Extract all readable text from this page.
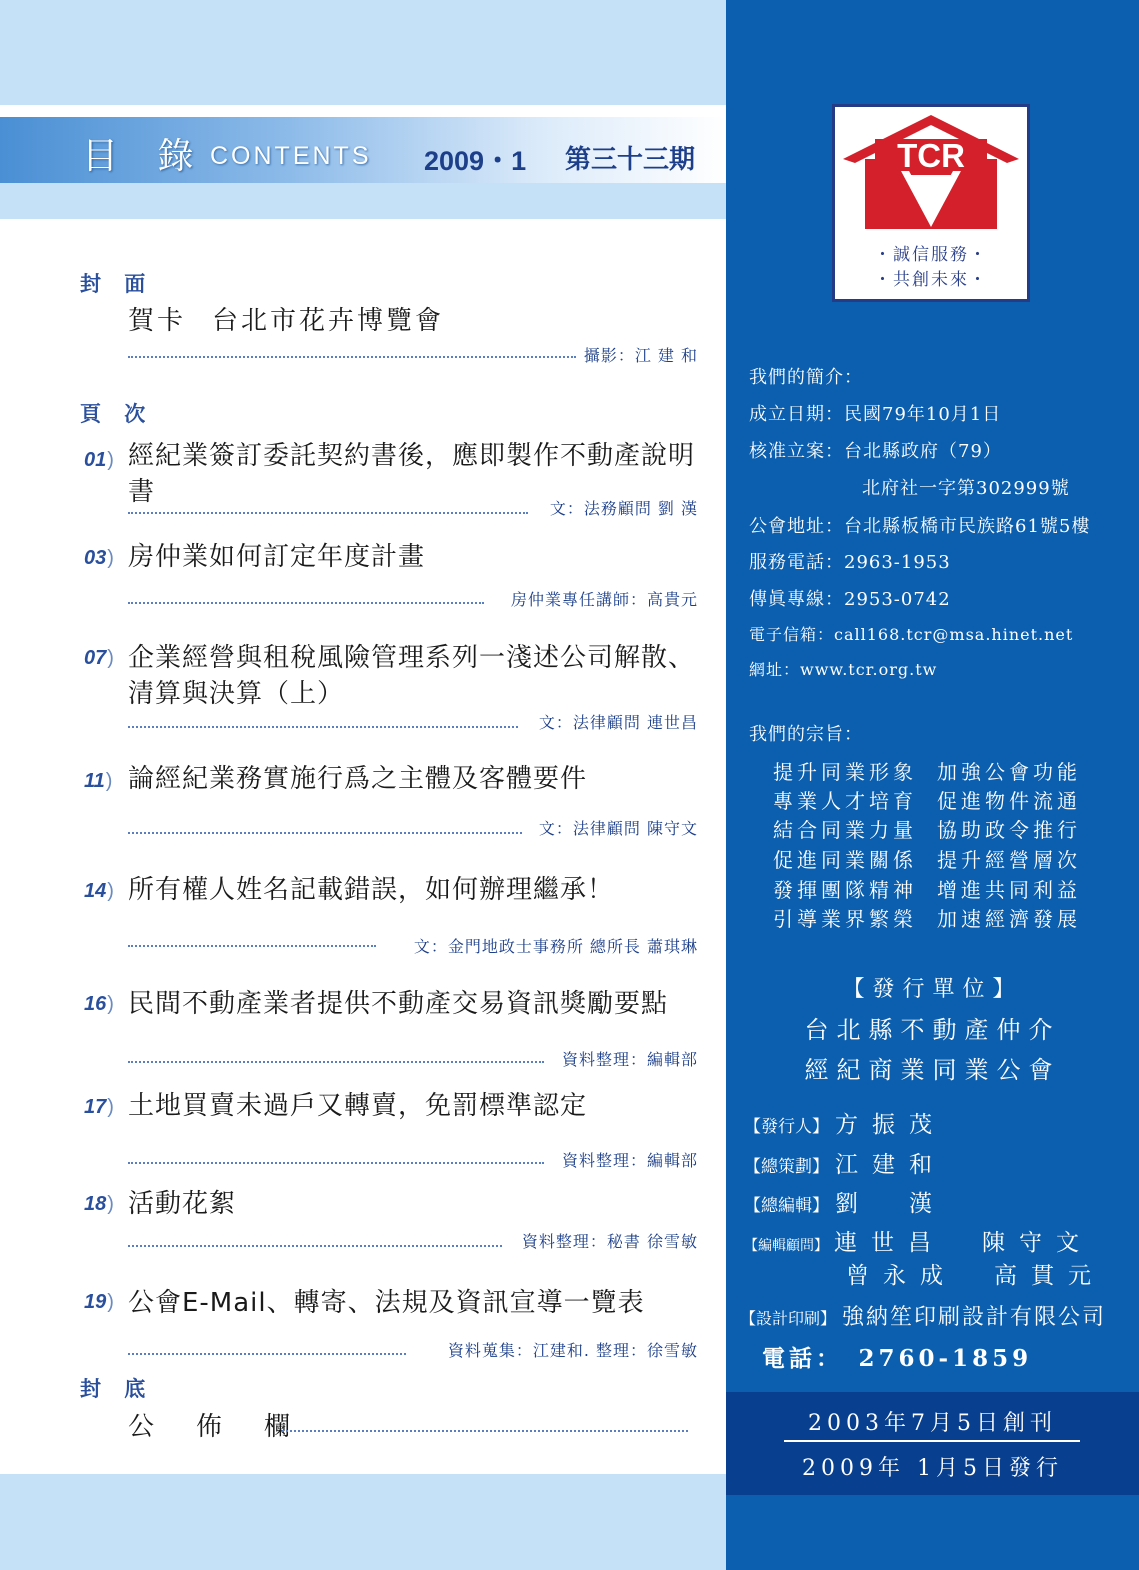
目 錄 CONTENTS 2009・1 第三十三期
封 面
賀卡 台北市花卉博覽會
攝影：江 建 和
頁 次
01 ) 經紀業簽訂委託契約書後，應即製作不動產說明書
文：法務顧問 劉 漢
03 ) 房仲業如何訂定年度計畫
房仲業專任講師：高貴元
07 ) 企業經營與租稅風險管理系列一淺述公司解散、清算與決算（上）
文：法律顧問 連世昌
11 ) 論經紀業務實施行爲之主體及客體要件
文：法律顧問 陳守文
14 ) 所有權人姓名記載錯誤，如何辦理繼承！
文：金門地政士事務所 總所長 蕭琪琳
16 ) 民間不動產業者提供不動產交易資訊獎勵要點
資料整理：編輯部
17 ) 土地買賣未過戶又轉賣，免罰標準認定
資料整理：編輯部
18 ) 活動花絮
資料整理：秘書 徐雪敏
19 ) 公會E-Mail、轉寄、法規及資訊宣導一覽表
資料蒐集：江建和. 整理：徐雪敏
封 底
公佈欄
TCR
・誠信服務・
・共創未來・
我們的簡介：
成立日期：民國79年10月1日
核准立案：台北縣政府（79）
北府社一字第302999號
公會地址：台北縣板橋市民族路61號5樓
服務電話：2963-1953
傳眞專線：2953-0742
電子信箱：call168.tcr@msa.hinet.net
網址：www.tcr.org.tw
我們的宗旨：
提升同業形象 加強公會功能
專業人才培育 促進物件流通
結合同業力量 協助政令推行
促進同業關係 提升經營層次
發揮團隊精神 增進共同利益
引導業界繁榮 加速經濟發展
【發行單位】
台北縣不動產仲介
經紀商業同業公會
【發行人】 方振茂
【總策劃】 江建和
【總編輯】 劉　漢
【編輯顧問】 連世昌　陳守文
曾永成　高貫元
【設計印刷】 強納笙印刷設計有限公司
電話：　2760-1859
2003年7月5日創刊
2009年 1月5日發行
